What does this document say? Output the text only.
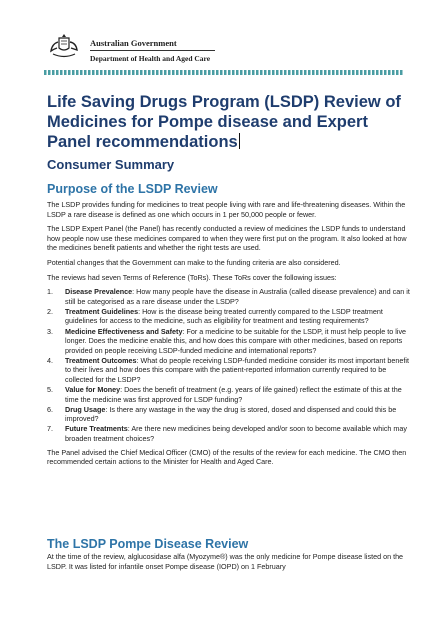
Australian Government
Department of Health and Aged Care
Life Saving Drugs Program (LSDP) Review of Medicines for Pompe disease and Expert Panel recommendations
Consumer Summary
Purpose of the LSDP Review

The LSDP provides funding for medicines to treat people living with rare and life-threatening diseases. Within the LSDP a rare disease is defined as one which occurs in 1 per 50,000 people or fewer.

The LSDP Expert Panel (the Panel) has recently conducted a review of medicines the LSDP funds to understand how people now use these medicines compared to when they were first put on the program. It also looked at how the medicines benefit patients and whether the right tests are used.

Potential changes that the Government can make to the funding criteria are also considered.

The reviews had seven Terms of Reference (ToRs). These ToRs cover the following issues:

1. Disease Prevalence: How many people have the disease in Australia (called disease prevalence) and can it still be categorised as a rare disease under the LSDP?
2. Treatment Guidelines: How is the disease being treated currently compared to the LSDP treatment guidelines for access to the medicine, such as eligibility for treatment and testing requirements?
3. Medicine Effectiveness and Safety: For a medicine to be suitable for the LSDP, it must help people to live longer. Does the medicine enable this, and how does this compare with other medicines, based on reports provided on people receiving LSDP-funded medicine and international reports?
4. Treatment Outcomes: What do people receiving LSDP-funded medicine consider its most important benefit to their lives and how does this compare with the patient-reported information currently required to be collected for the LSDP?
5. Value for Money: Does the benefit of treatment (e.g. years of life gained) reflect the estimate of this at the time the medicine was first approved for LSDP funding?
6. Drug Usage: Is there any wastage in the way the drug is stored, dosed and dispensed and could this be improved?
7. Future Treatments: Are there new medicines being developed and/or soon to become available which may broaden treatment choices?

The Panel advised the Chief Medical Officer (CMO) of the results of the review for each medicine. The CMO then recommended certain actions to the Minister for Health and Aged Care.

The LSDP Pompe Disease Review

At the time of the review, alglucosidase alfa (Myozyme®) was the only medicine for Pompe disease listed on the LSDP. It was listed for infantile onset Pompe disease (IOPD) on 1 February
